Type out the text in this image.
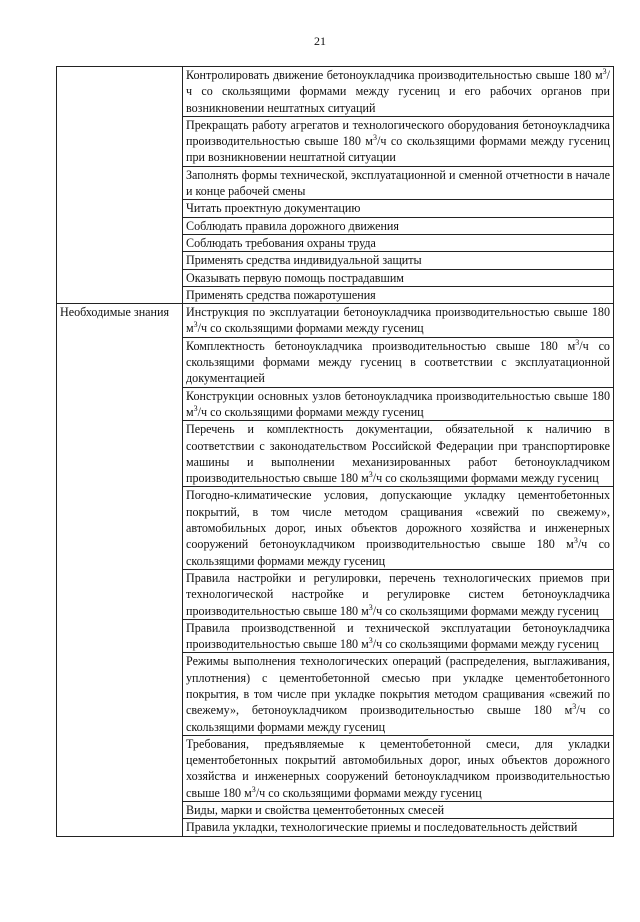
21
	Контролировать движение бетоноукладчика производительностью свыше 180 $м^3/ч$ со скользящими формами между гусениц и его рабочих органов при возникновении нештатных ситуаций
	Прекращать работу агрегатов и технологического оборудования бетоноукладчика производительностью свыше 180 $м^3/ч$ со скользящими формами между гусениц при возникновении нештатной ситуации
	Заполнять формы технической, эксплуатационной и сменной отчетности в начале и конце рабочей смены
	Читать проектную документацию
	Соблюдать правила дорожного движения
	Соблюдать требования охраны труда
	Применять средства индивидуальной защиты
	Оказывать первую помощь пострадавшим
	Применять средства пожаротушения
Необходимые знания	Инструкция по эксплуатации бетоноукладчика производительностью свыше 180 $м^3/ч$ со скользящими формами между гусениц
	Комплектность бетоноукладчика производительностью свыше 180 $м^3/ч$ со скользящими формами между гусениц в соответствии с эксплуатационной документацией
	Конструкции основных узлов бетоноукладчика производительностью свыше 180 $м^3/ч$ со скользящими формами между гусениц
	Перечень и комплектность документации, обязательной к наличию в соответствии с законодательством Российской Федерации при транспортировке машины и выполнении механизированных работ бетоноукладчиком производительностью свыше 180 $м^3/ч$ со скользящими формами между гусениц
	Погодно-климатические условия, допускающие укладку цементобетонных покрытий, в том числе методом сращивания «свежий по свежему», автомобильных дорог, иных объектов дорожного хозяйства и инженерных сооружений бетоноукладчиком производительностью свыше 180 $м^3/ч$ со скользящими формами между гусениц
	Правила настройки и регулировки, перечень технологических приемов при технологической настройке и регулировке систем бетоноукладчика производительностью свыше 180 $м^3/ч$ со скользящими формами между гусениц
	Правила производственной и технической эксплуатации бетоноукладчика производительностью свыше 180 $м^3/ч$ со скользящими формами между гусениц
	Режимы выполнения технологических операций (распределения, выглаживания, уплотнения) с цементобетонной смесью при укладке цементобетонного покрытия, в том числе при укладке покрытия методом сращивания «свежий по свежему», бетоноукладчиком производительностью свыше 180 $м^3/ч$ со скользящими формами между гусениц
	Требования, предъявляемые к цементобетонной смеси, для укладки цементобетонных покрытий автомобильных дорог, иных объектов дорожного хозяйства и инженерных сооружений бетоноукладчиком производительностью свыше 180 $м^3/ч$ со скользящими формами между гусениц
	Виды, марки и свойства цементобетонных смесей
	Правила укладки, технологические приемы и последовательность действий
